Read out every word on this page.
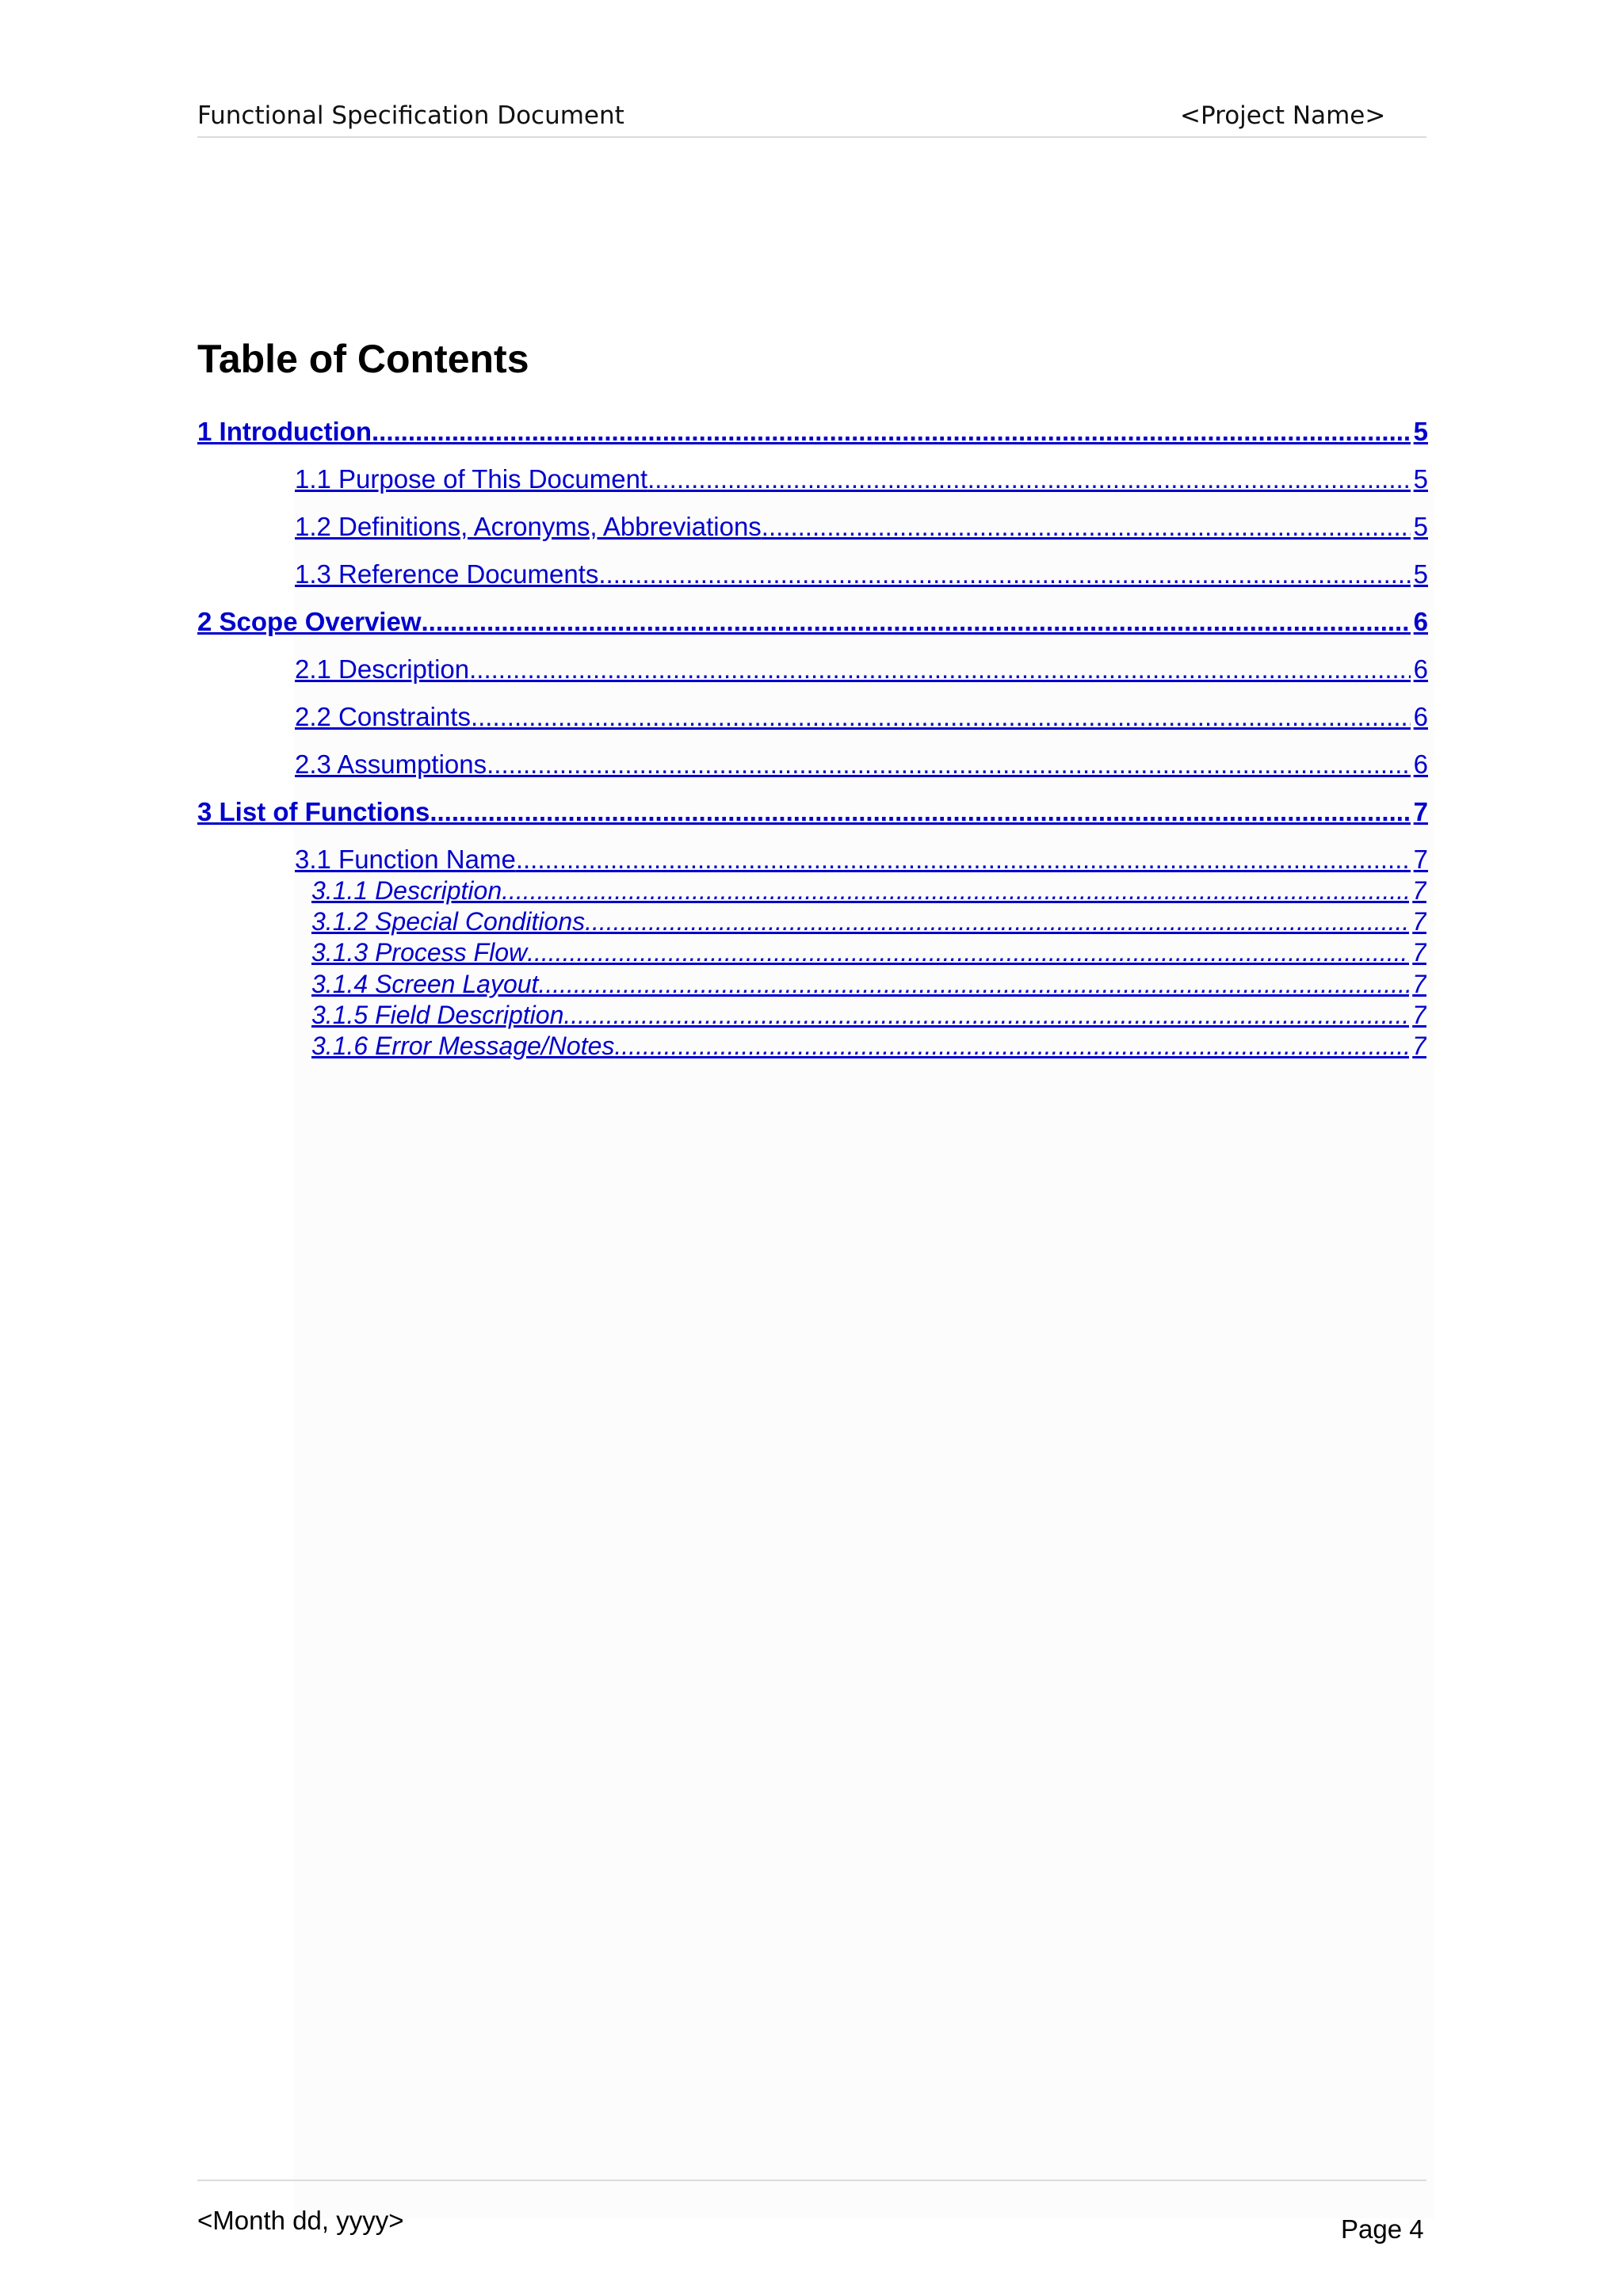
Functional Specification Document	<Project Name>
Table of Contents
1 Introduction .....	5
1.1 Purpose of This Document .....	5
1.2 Definitions, Acronyms, Abbreviations .....	5
1.3 Reference Documents .....	5
2 Scope Overview .....	6
2.1 Description .....	6
2.2 Constraints .....	6
2.3 Assumptions .....	6
3 List of Functions .....	7
3.1 Function Name .....	7
3.1.1 Description .....	7
3.1.2 Special Conditions .....	7
3.1.3 Process Flow .....	7
3.1.4 Screen Layout .....	7
3.1.5 Field Description .....	7
3.1.6 Error Message/Notes .....	7
<Month dd, yyyy>	Page 4
